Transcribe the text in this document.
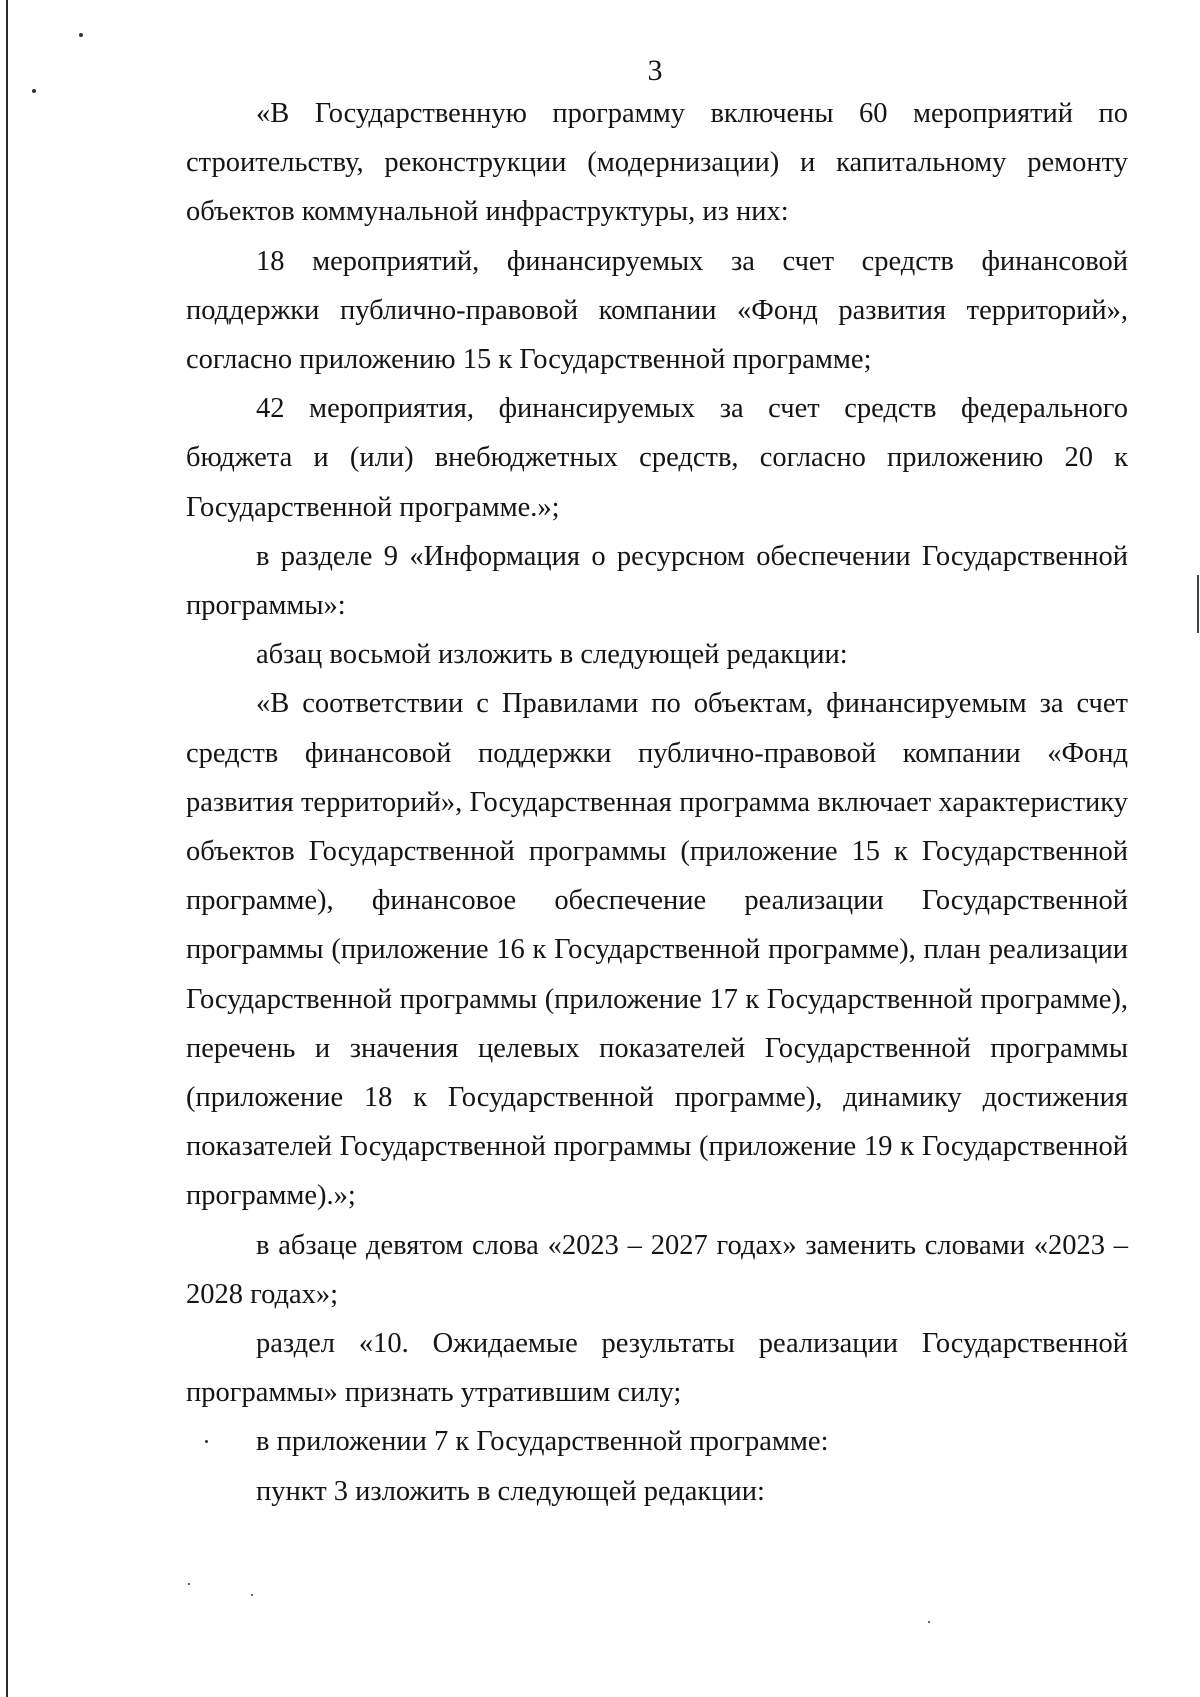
3

«В Государственную программу включены 60 мероприятий по строительству, реконструкции (модернизации) и капитальному ремонту объектов коммунальной инфраструктуры, из них:

18 мероприятий, финансируемых за счет средств финансовой поддержки публично-правовой компании «Фонд развития территорий», согласно приложению 15 к Государственной программе;

42 мероприятия, финансируемых за счет средств федерального бюджета и (или) внебюджетных средств, согласно приложению 20 к Государственной программе.»;

в разделе 9 «Информация о ресурсном обеспечении Государственной программы»:

абзац восьмой изложить в следующей редакции:

«В соответствии с Правилами по объектам, финансируемым за счет средств финансовой поддержки публично-правовой компании «Фонд развития территорий», Государственная программа включает характеристику объектов Государственной программы (приложение 15 к Государственной программе), финансовое обеспечение реализации Государственной программы (приложение 16 к Государственной программе), план реализации Государственной программы (приложение 17 к Государственной программе), перечень и значения целевых показателей Государственной программы (приложение 18 к Государственной программе), динамику достижения показателей Государственной программы (приложение 19 к Государственной программе).»;

в абзаце девятом слова «2023 – 2027 годах» заменить словами «2023 – 2028 годах»;

раздел «10. Ожидаемые результаты реализации Государственной программы» признать утратившим силу;

в приложении 7 к Государственной программе:

пункт 3 изложить в следующей редакции:
